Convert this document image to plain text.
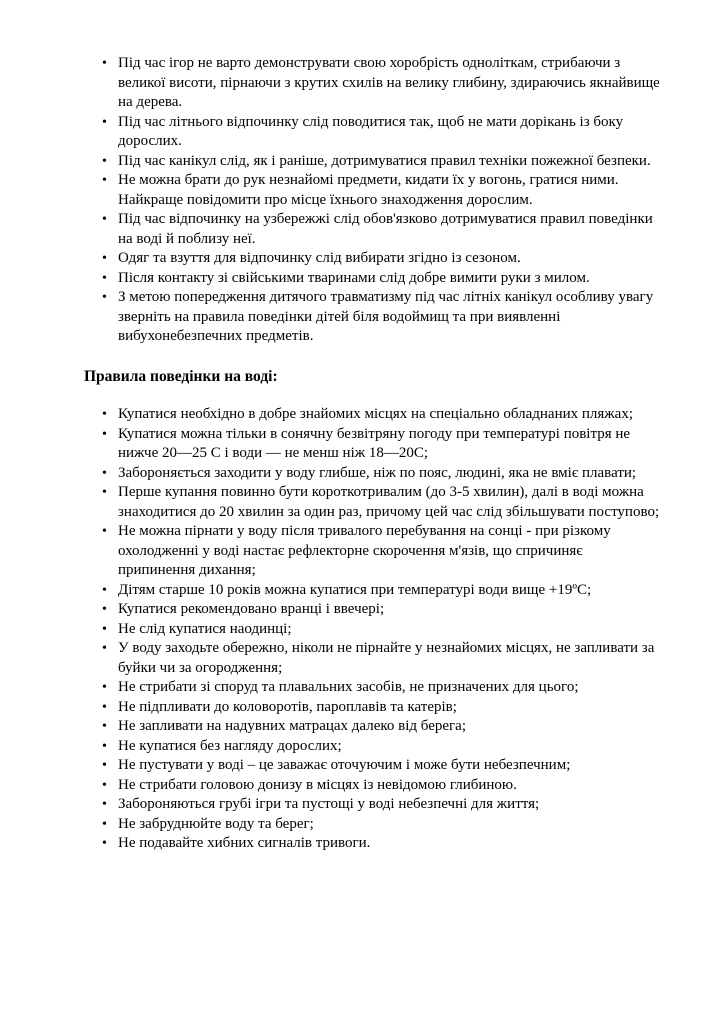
• Під час ігор не варто демонструвати свою хоробрість одноліткам, стрибаючи з великої висоти, пірнаючи з крутих схилів на велику глибину, здираючись якнайвище на дерева.
• Під час літнього відпочинку слід поводитися так, щоб не мати дорікань із боку дорослих.
• Під час канікул слід, як і раніше, дотримуватися правил техніки пожежної безпеки.
• Не можна брати до рук незнайомі предмети, кидати їх у вогонь, гратися ними. Найкраще повідомити про місце їхнього знаходження дорослим.
• Під час відпочинку на узбережжі слід обов'язково дотримуватися правил поведінки на воді й поблизу неї.
• Одяг та взуття для відпочинку слід вибирати згідно із сезоном.
• Після контакту зі свійськими тваринами слід добре вимити руки з милом.
• З метою попередження дитячого травматизму під час літніх канікул особливу увагу зверніть на правила поведінки дітей біля водоймищ та при виявленні вибухонебезпечних предметів.
Правила поведінки на воді:
• Купатися необхідно в добре знайомих місцях на спеціально обладнаних пляжах;
• Купатися можна тільки в сонячну безвітряну погоду при температурі повітря не нижче 20—25 С і води — не менш ніж 18—20С;
• Забороняється заходити у воду глибше, ніж по пояс, людині, яка не вміє плавати;
• Перше купання повинно бути короткотривалим (до 3-5 хвилин), далі в воді можна знаходитися до 20 хвилин за один раз, причому цей час слід збільшувати поступово;
• Не можна пірнати у воду після тривалого перебування на сонці - при різкому охолодженні у воді настає рефлекторне скорочення м'язів, що спричиняє припинення дихання;
• Дітям старше 10 років можна купатися при температурі води вище +19ºС;
• Купатися рекомендовано вранці і ввечері;
• Не слід купатися наодинці;
• У воду заходьте обережно, ніколи не пірнайте у незнайомих місцях, не запливати за буйки чи за огородження;
• Не стрибати зі споруд та плавальних засобів, не призначених для цього;
• Не підпливати до коловоротів, пароплавів та катерів;
• Не запливати на надувних матрацах далеко від берега;
• Не купатися без нагляду дорослих;
• Не пустувати у воді – це заважає оточуючим і може бути небезпечним;
• Не стрибати головою донизу в місцях із невідомою глибиною.
• Забороняються грубі ігри та пустощі у воді небезпечні для життя;
• Не забруднюйте воду та берег;
• Не подавайте хибних сигналів тривоги.
